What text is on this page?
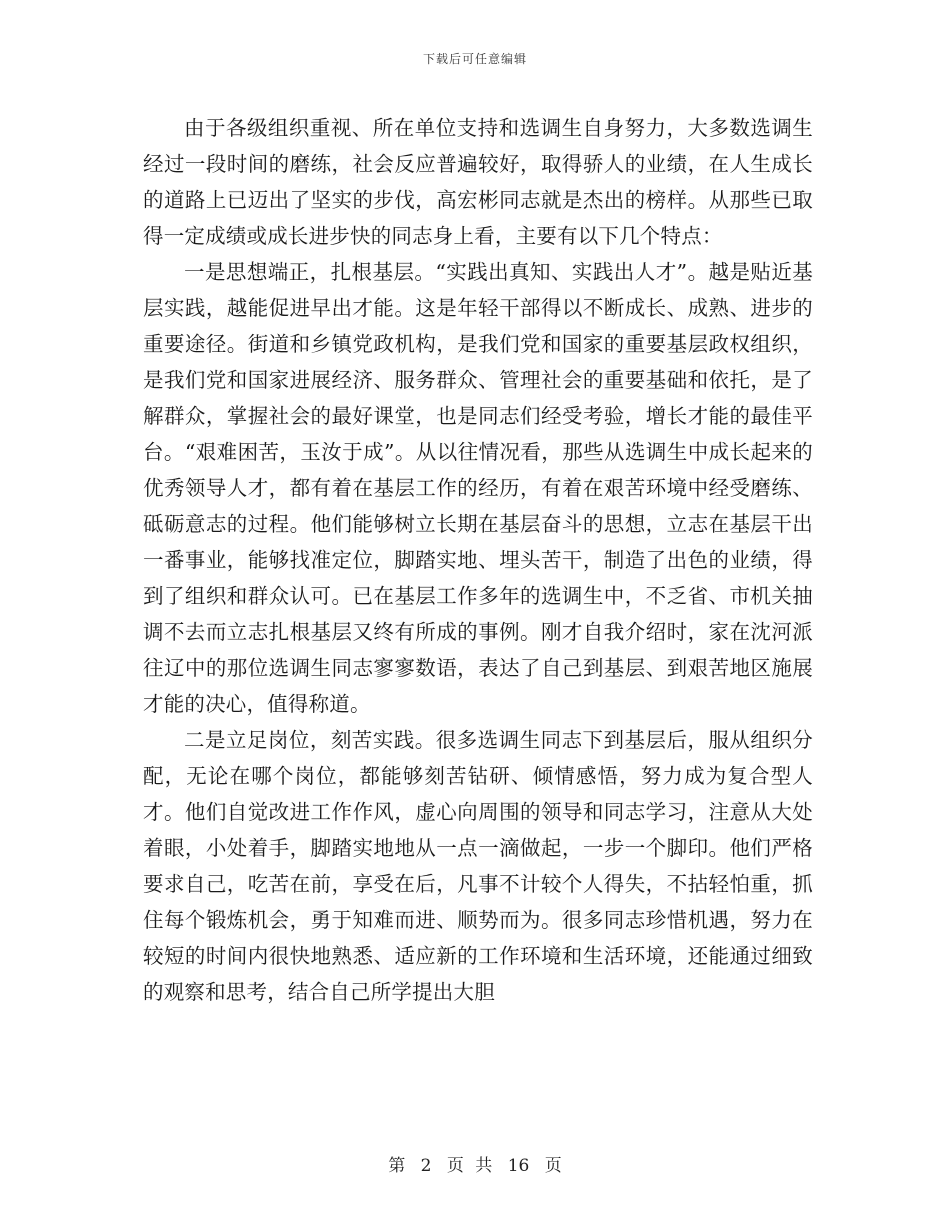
下载后可任意编辑

由于各级组织重视、所在单位支持和选调生自身努力，大多数选调生经过一段时间的磨练，社会反应普遍较好，取得骄人的业绩，在人生成长的道路上已迈出了坚实的步伐，高宏彬同志就是杰出的榜样。从那些已取得一定成绩或成长进步快的同志身上看，主要有以下几个特点：

一是思想端正，扎根基层。“实践出真知、实践出人才”。越是贴近基层实践，越能促进早出才能。这是年轻干部得以不断成长、成熟、进步的重要途径。街道和乡镇党政机构，是我们党和国家的重要基层政权组织，是我们党和国家进展经济、服务群众、管理社会的重要基础和依托，是了解群众，掌握社会的最好课堂，也是同志们经受考验，增长才能的最佳平台。“艰难困苦，玉汝于成”。从以往情况看，那些从选调生中成长起来的优秀领导人才，都有着在基层工作的经历，有着在艰苦环境中经受磨练、砥砺意志的过程。他们能够树立长期在基层奋斗的思想，立志在基层干出一番事业，能够找准定位，脚踏实地、埋头苦干，制造了出色的业绩，得到了组织和群众认可。已在基层工作多年的选调生中，不乏省、市机关抽调不去而立志扎根基层又终有所成的事例。刚才自我介绍时，家在沈河派往辽中的那位选调生同志寥寥数语，表达了自己到基层、到艰苦地区施展才能的决心，值得称道。

二是立足岗位，刻苦实践。很多选调生同志下到基层后，服从组织分配，无论在哪个岗位，都能够刻苦钻研、倾情感悟，努力成为复合型人才。他们自觉改进工作作风，虚心向周围的领导和同志学习，注意从大处着眼，小处着手，脚踏实地地从一点一滴做起，一步一个脚印。他们严格要求自己，吃苦在前，享受在后，凡事不计较个人得失，不拈轻怕重，抓住每个锻炼机会，勇于知难而进、顺势而为。很多同志珍惜机遇，努力在较短的时间内很快地熟悉、适应新的工作环境和生活环境，还能通过细致的观察和思考，结合自己所学提出大胆

第 2 页 共 16 页
